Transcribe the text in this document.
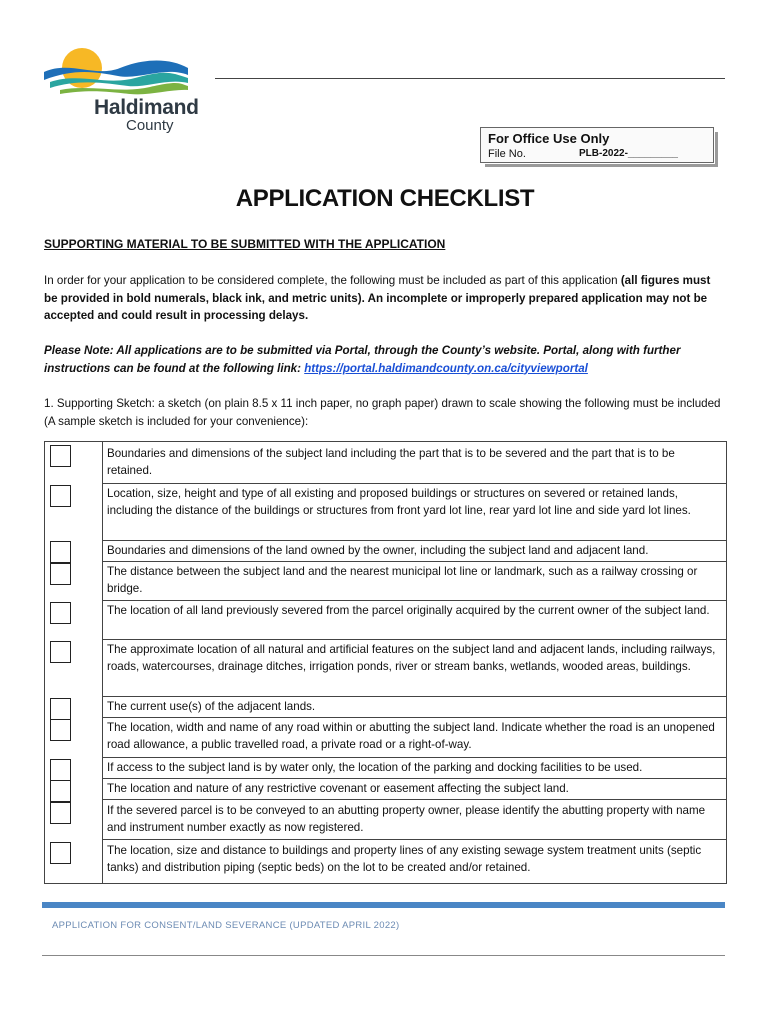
Haldimand
County
For Office Use Only
File No.	PLB-2022-_________
APPLICATION CHECKLIST
SUPPORTING MATERIAL TO BE SUBMITTED WITH THE APPLICATION
In order for your application to be considered complete, the following must be included as part of this application (all figures must be provided in bold numerals, black ink, and metric units). An incomplete or improperly prepared application may not be accepted and could result in processing delays.
Please Note: All applications are to be submitted via Portal, through the County’s website. Portal, along with further instructions can be found at the following link: https://portal.haldimandcounty.on.ca/cityviewportal
1. Supporting Sketch: a sketch (on plain 8.5 x 11 inch paper, no graph paper) drawn to scale showing the following must be included (A sample sketch is included for your convenience):
Boundaries and dimensions of the subject land including the part that is to be severed and the part that is to be retained.
Location, size, height and type of all existing and proposed buildings or structures on severed or retained lands, including the distance of the buildings or structures from front yard lot line, rear yard lot line and side yard lot lines.
Boundaries and dimensions of the land owned by the owner, including the subject land and adjacent land.
The distance between the subject land and the nearest municipal lot line or landmark, such as a railway crossing or bridge.
The location of all land previously severed from the parcel originally acquired by the current owner of the subject land.
The approximate location of all natural and artificial features on the subject land and adjacent lands, including railways, roads, watercourses, drainage ditches, irrigation ponds, river or stream banks, wetlands, wooded areas, buildings.
The current use(s) of the adjacent lands.
The location, width and name of any road within or abutting the subject land. Indicate whether the road is an unopened road allowance, a public travelled road, a private road or a right-of-way.
If access to the subject land is by water only, the location of the parking and docking facilities to be used.
The location and nature of any restrictive covenant or easement affecting the subject land.
If the severed parcel is to be conveyed to an abutting property owner, please identify the abutting property with name and instrument number exactly as now registered.
The location, size and distance to buildings and property lines of any existing sewage system treatment units (septic tanks) and distribution piping (septic beds) on the lot to be created and/or retained.
APPLICATION FOR CONSENT/LAND SEVERANCE (UPDATED APRIL 2022)
